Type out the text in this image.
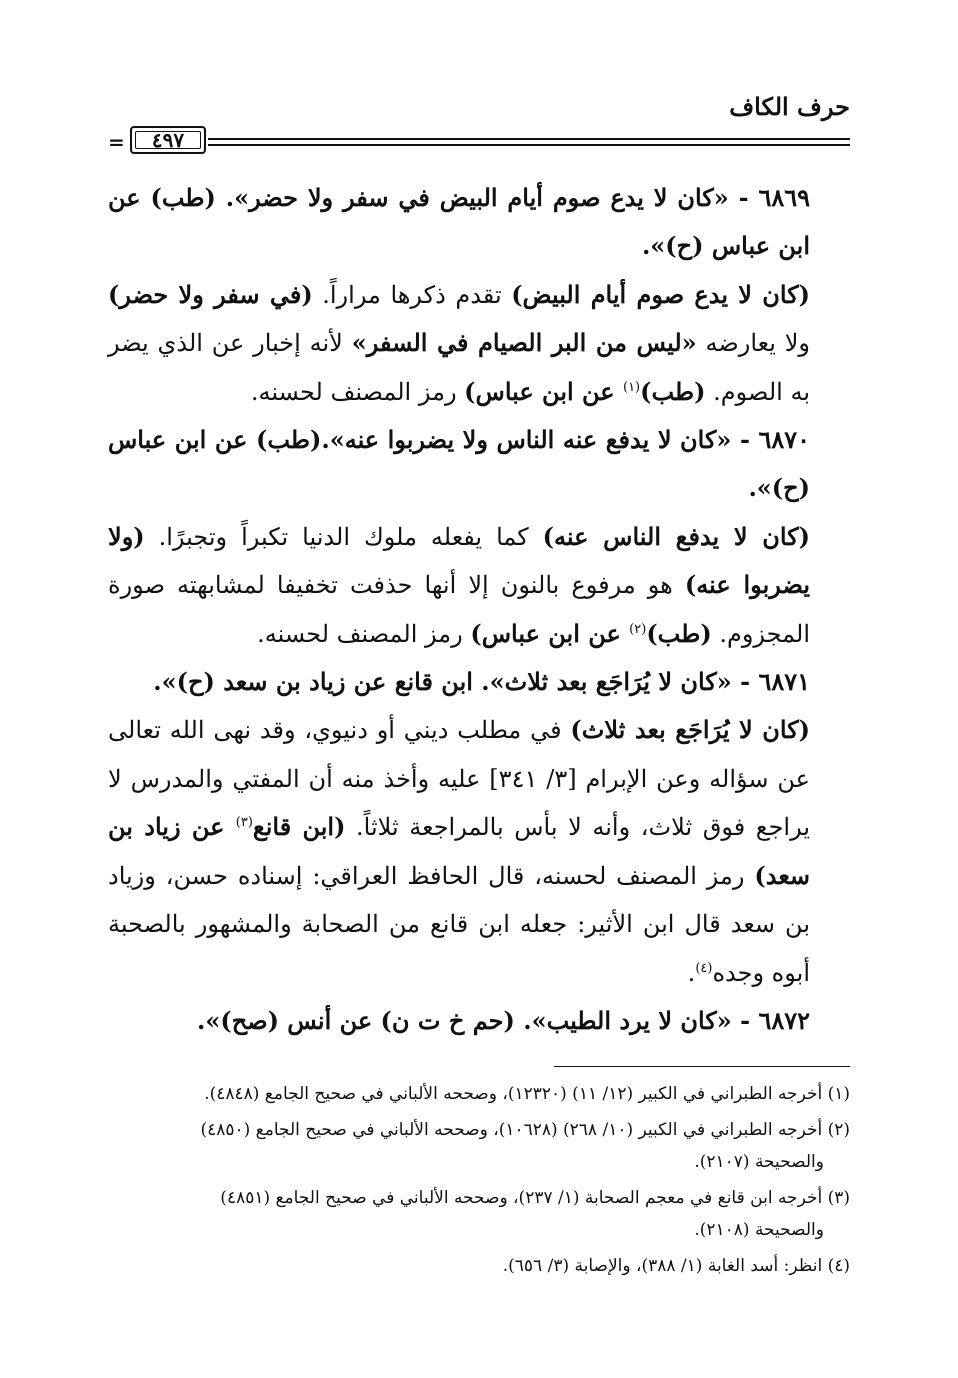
حرف الكاف
= ٤٩٧

٦٨٦٩ - «كان لا يدع صوم أيام البيض في سفر ولا حضر». (طب) عن ابن عباس (ح)».

(كان لا يدع صوم أيام البيض) تقدم ذكرها مراراً. (في سفر ولا حضر) ولا يعارضه «ليس من البر الصيام في السفر» لأنه إخبار عن الذي يضر به الصوم. (طب)$^{(١)}$ عن ابن عباس) رمز المصنف لحسنه.

٦٨٧٠ - «كان لا يدفع عنه الناس ولا يضربوا عنه».(طب) عن ابن عباس (ح)».

(كان لا يدفع الناس عنه) كما يفعله ملوك الدنيا تكبراً وتجبرًا. (ولا يضربوا عنه) هو مرفوع بالنون إلا أنها حذفت تخفيفا لمشابهته صورة المجزوم. (طب)$^{(٢)}$ عن ابن عباس) رمز المصنف لحسنه.

٦٨٧١ - «كان لا يُرَاجَع بعد ثلاث». ابن قانع عن زياد بن سعد (ح)».

(كان لا يُرَاجَع بعد ثلاث) في مطلب ديني أو دنيوي، وقد نهى الله تعالى عن سؤاله وعن الإبرام [٣/ ٣٤١] عليه وأخذ منه أن المفتي والمدرس لا يراجع فوق ثلاث، وأنه لا بأس بالمراجعة ثلاثاً. (ابن قانع$^{(٣)}$ عن زياد بن سعد) رمز المصنف لحسنه، قال الحافظ العراقي: إسناده حسن، وزياد بن سعد قال ابن الأثير: جعله ابن قانع من الصحابة والمشهور بالصحبة أبوه وجده$^{(٤)}$.

٦٨٧٢ - «كان لا يرد الطيب». (حم خ ت ن) عن أنس (صح)».

(١) أخرجه الطبراني في الكبير (١٢/ ١١) (١٢٣٢٠)، وصححه الألباني في صحيح الجامع (٤٨٤٨).

(٢) أخرجه الطبراني في الكبير (١٠/ ٢٦٨) (١٠٦٢٨)، وصححه الألباني في صحيح الجامع (٤٨٥٠)
والصحيحة (٢١٠٧).

(٣) أخرجه ابن قانع في معجم الصحابة (١/ ٢٣٧)، وصححه الألباني في صحيح الجامع (٤٨٥١)
والصحيحة (٢١٠٨).

(٤) انظر: أسد الغابة (١/ ٣٨٨)، والإصابة (٣/ ٦٥٦).
